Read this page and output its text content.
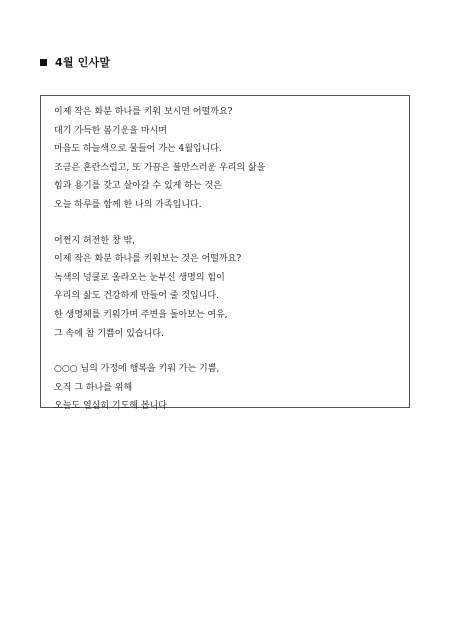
4월 인사말
이제 작은 화분 하나를 키워 보시면 어떨까요?
대기 가득한 봄기운을 마시며
마음도 하늘색으로 물들어 가는 4월입니다.
조금은 혼란스럽고, 또 가끔은 불만스러운 우리의 삶을
힘과 용기를 갖고 살아갈 수 있게 하는 것은
오늘 하루를 함께 한 나의 가족입니다.
어쩐지 허전한 창 밖,
이제 작은 화분 하나를 키워보는 것은 어떨까요?
녹색의 넝쿨로 올라오는 눈부신 생명의 힘이
우리의 삶도 건강하게 만들어 줄 것입니다.
한 생명체를 키워가며 주변을 돌아보는 여유,
그 속에 참 기쁨이 있습니다.
○○○ 님의 가정에 행복을 키워 가는 기쁨,
오직 그 하나를 위해
오늘도 열심히 기도해 봅니다
